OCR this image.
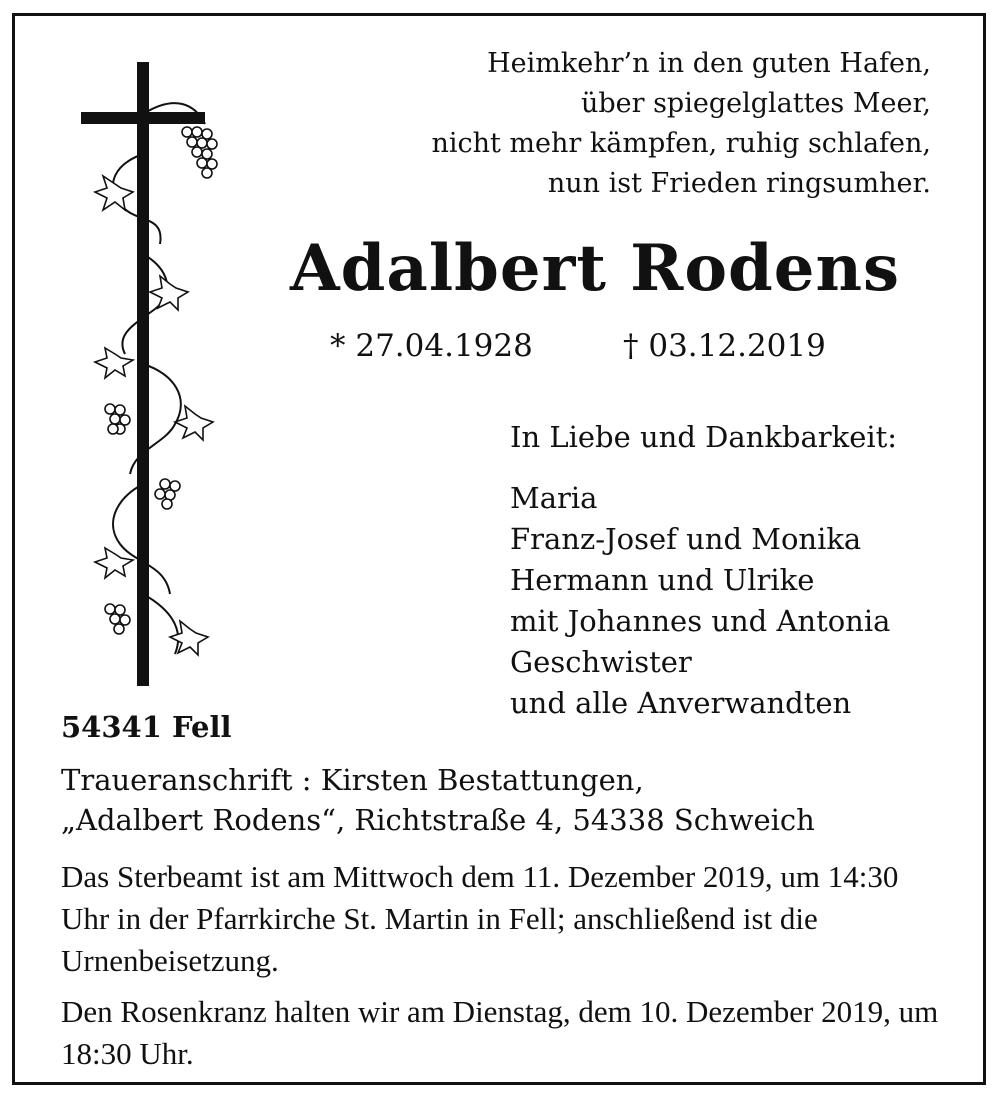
Heimkehr’n in den guten Hafen,
über spiegelglattes Meer,
nicht mehr kämpfen, ruhig schlafen,
nun ist Frieden ringsumher.
Adalbert Rodens
* 27.04.1928	† 03.12.2019
In Liebe und Dankbarkeit:
Maria
Franz-Josef und Monika
Hermann und Ulrike
mit Johannes und Antonia
Geschwister
und alle Anverwandten
54341 Fell
Traueranschrift : Kirsten Bestattungen,
„Adalbert Rodens“, Richtstraße 4, 54338 Schweich
Das Sterbeamt ist am Mittwoch dem 11. Dezember 2019, um 14:30 Uhr in der Pfarrkirche St. Martin in Fell; anschließend ist die Urnenbeisetzung.
Den Rosenkranz halten wir am Dienstag, dem 10. Dezember 2019, um 18:30 Uhr.
